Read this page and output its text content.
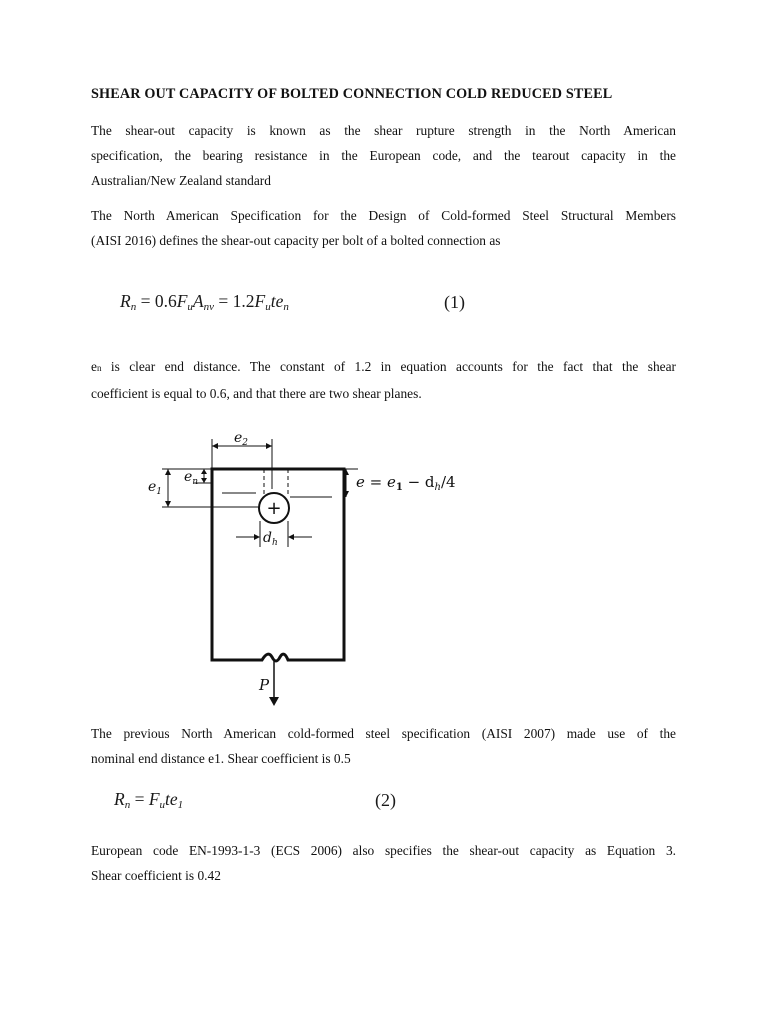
SHEAR OUT CAPACITY OF BOLTED CONNECTION COLD REDUCED STEEL
The shear-out capacity is known as the shear rupture strength in the North American
specification, the bearing resistance in the European code, and the tearout capacity in the
Australian/New Zealand standard
The North American Specification for the Design of Cold-formed Steel Structural Members
(AISI 2016) defines the shear-out capacity per bolt of a bolted connection as
$R_n = 0.6F_uA_{nv} = 1.2F_ute_n$	(1)
en is clear end distance. The constant of 1.2 in equation accounts for the fact that the shear
coefficient is equal to 0.6, and that there are two shear planes.
+
$e_2$
$e_1$
$e_n$
$d_h$
$e = e_1 - d_h/4$
P
The previous North American cold-formed steel specification (AISI 2007) made use of the
nominal end distance e1. Shear coefficient is 0.5
$R_n = F_ute_1$	(2)
European code EN-1993-1-3 (ECS 2006) also specifies the shear-out capacity as Equation 3.
Shear coefficient is 0.42
